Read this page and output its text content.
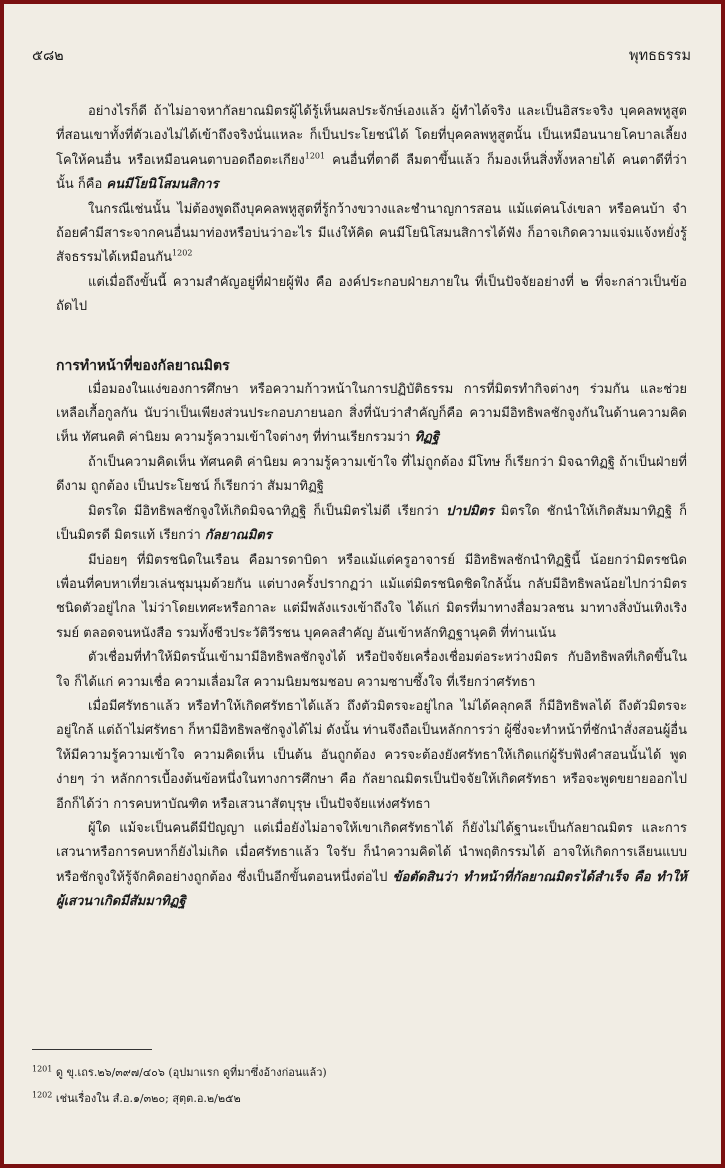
๕๘๒	พุทธธรรม

อย่างไรก็ดี ถ้าไม่อาจหากัลยาณมิตรผู้ได้รู้เห็นผลประจักษ์เองแล้ว ผู้ทำได้จริง และเป็นอิสระจริง บุคคลพหูสูต ที่สอนเขาทั้งที่ตัวเองไม่ได้เข้าถึงจริงนั่นแหละ ก็เป็นประโยชน์ได้ โดยที่บุคคลพหูสูตนั้น เป็นเหมือนนายโคบาลเลี้ยงโคให้คนอื่น หรือเหมือนคนตาบอดถือตะเกียง$^{1201}$ คนอื่นที่ตาดี ลืมตาขึ้นแล้ว ก็มองเห็นสิ่งทั้งหลายได้ คนตาดีที่ว่านั้น ก็คือ คนมีโยนิโสมนสิการ

ในกรณีเช่นนั้น ไม่ต้องพูดถึงบุคคลพหูสูตที่รู้กว้างขวางและชำนาญการสอน แม้แต่คนโง่เขลา หรือคนบ้า จำถ้อยคำมีสาระจากคนอื่นมาท่องหรือบ่นว่าอะไร มีแง่ให้คิด คนมีโยนิโสมนสิการได้ฟัง ก็อาจเกิดความแจ่มแจ้งหยั่งรู้สัจธรรมได้เหมือนกัน$^{1202}$

แต่เมื่อถึงขั้นนี้ ความสำคัญอยู่ที่ฝ่ายผู้ฟัง คือ องค์ประกอบฝ่ายภายใน ที่เป็นปัจจัยอย่างที่ ๒ ที่จะกล่าวเป็นข้อถัดไป

การทำหน้าที่ของกัลยาณมิตร

เมื่อมองในแง่ของการศึกษา หรือความก้าวหน้าในการปฏิบัติธรรม การที่มิตรทำกิจต่างๆ ร่วมกัน และช่วยเหลือเกื้อกูลกัน นับว่าเป็นเพียงส่วนประกอบภายนอก สิ่งที่นับว่าสำคัญก็คือ ความมีอิทธิพลชักจูงกันในด้านความคิดเห็น ทัศนคติ ค่านิยม ความรู้ความเข้าใจต่างๆ ที่ท่านเรียกรวมว่า ทิฏฐิ

ถ้าเป็นความคิดเห็น ทัศนคติ ค่านิยม ความรู้ความเข้าใจ ที่ไม่ถูกต้อง มีโทษ ก็เรียกว่า มิจฉาทิฏฐิ ถ้าเป็นฝ่ายที่ดีงาม ถูกต้อง เป็นประโยชน์ ก็เรียกว่า สัมมาทิฏฐิ

มิตรใด มีอิทธิพลชักจูงให้เกิดมิจฉาทิฏฐิ ก็เป็นมิตรไม่ดี เรียกว่า ปาปมิตร มิตรใด ชักนำให้เกิดสัมมาทิฏฐิ ก็เป็นมิตรดี มิตรแท้ เรียกว่า กัลยาณมิตร

มีบ่อยๆ ที่มิตรชนิดในเรือน คือมารดาบิดา หรือแม้แต่ครูอาจารย์ มีอิทธิพลชักนำทิฏฐินี้ น้อยกว่ามิตรชนิดเพื่อนที่คบหาเที่ยวเล่นชุมนุมด้วยกัน แต่บางครั้งปรากฏว่า แม้แต่มิตรชนิดชิดใกล้นั้น กลับมีอิทธิพลน้อยไปกว่ามิตร ชนิดตัวอยู่ไกล ไม่ว่าโดยเทศะหรือกาละ แต่มีพลังแรงเข้าถึงใจ ได้แก่ มิตรที่มาทางสื่อมวลชน มาทางสิ่งบันเทิงเริงรมย์ ตลอดจนหนังสือ รวมทั้งชีวประวัติวีรชน บุคคลสำคัญ อันเข้าหลักทิฏฐานุคติ ที่ท่านเน้น

ตัวเชื่อมที่ทำให้มิตรนั้นเข้ามามีอิทธิพลชักจูงได้ หรือปัจจัยเครื่องเชื่อมต่อระหว่างมิตร กับอิทธิพลที่เกิดขึ้นในใจ ก็ได้แก่ ความเชื่อ ความเลื่อมใส ความนิยมชมชอบ ความซาบซึ้งใจ ที่เรียกว่าศรัทธา

เมื่อมีศรัทธาแล้ว หรือทำให้เกิดศรัทธาได้แล้ว ถึงตัวมิตรจะอยู่ไกล ไม่ได้คลุกคลี ก็มีอิทธิพลได้ ถึงตัวมิตรจะอยู่ใกล้ แต่ถ้าไม่ศรัทธา ก็หามีอิทธิพลชักจูงได้ไม่ ดังนั้น ท่านจึงถือเป็นหลักการว่า ผู้ซึ่งจะทำหน้าที่ชักนำสั่งสอนผู้อื่นให้มีความรู้ความเข้าใจ ความคิดเห็น เป็นต้น อันถูกต้อง ควรจะต้องยังศรัทธาให้เกิดแก่ผู้รับฟังคำสอนนั้นได้ พูดง่ายๆ ว่า หลักการเบื้องต้นข้อหนึ่งในทางการศึกษา คือ กัลยาณมิตรเป็นปัจจัยให้เกิดศรัทธา หรือจะพูดขยายออกไปอีกก็ได้ว่า การคบหาบัณฑิต หรือเสวนาสัตบุรุษ เป็นปัจจัยแห่งศรัทธา

ผู้ใด แม้จะเป็นคนดีมีปัญญา แต่เมื่อยังไม่อาจให้เขาเกิดศรัทธาได้ ก็ยังไม่ได้ฐานะเป็นกัลยาณมิตร และการเสวนาหรือการคบหาก็ยังไม่เกิด เมื่อศรัทธาแล้ว ใจรับ ก็นำความคิดได้ นำพฤติกรรมได้ อาจให้เกิดการเลียนแบบ หรือชักจูงให้รู้จักคิดอย่างถูกต้อง ซึ่งเป็นอีกขั้นตอนหนึ่งต่อไป ข้อตัดสินว่า ทำหน้าที่กัลยาณมิตรได้สำเร็จ คือ ทำให้ผู้เสวนาเกิดมีสัมมาทิฏฐิ

$^{1201}$ ดู ขุ.เถร.๒๖/๓๙๗/๔๐๖ (อุปมาแรก ดูที่มาซึ่งอ้างก่อนแล้ว)
$^{1202}$ เช่นเรื่องใน สํ.อ.๑/๓๒๐; สุตฺต.อ.๒/๒๕๒
